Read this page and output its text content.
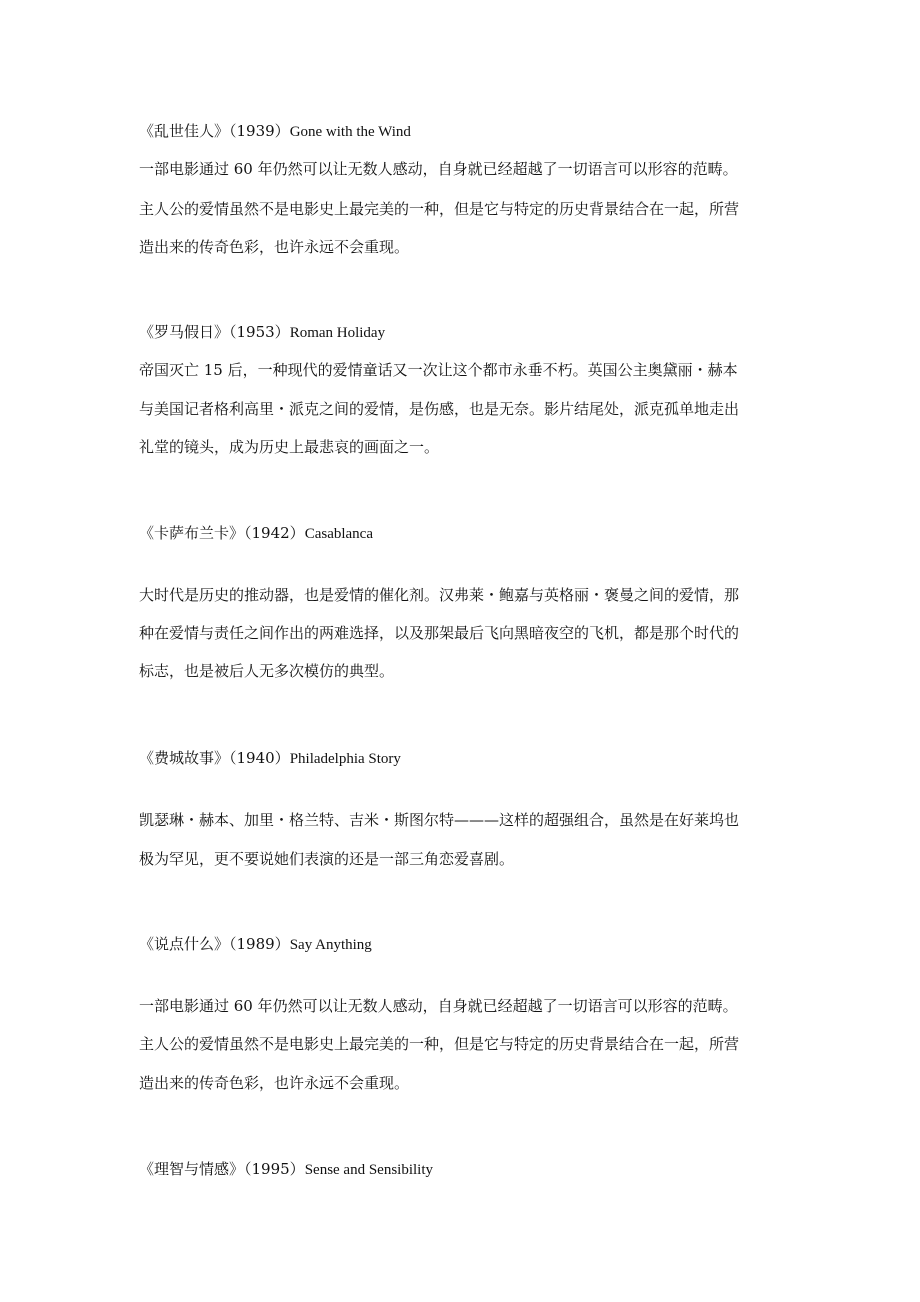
《乱世佳人》（1939）Gone with the Wind
一部电影通过 60 年仍然可以让无数人感动，自身就已经超越了一切语言可以形容的范畴。
主人公的爱情虽然不是电影史上最完美的一种，但是它与特定的历史背景结合在一起，所营
造出来的传奇色彩，也许永远不会重现。
《罗马假日》（1953）Roman Holiday
帝国灭亡 15 后，一种现代的爱情童话又一次让这个都市永垂不朽。英国公主奥黛丽・赫本
与美国记者格利高里・派克之间的爱情，是伤感，也是无奈。影片结尾处，派克孤单地走出
礼堂的镜头，成为历史上最悲哀的画面之一。
《卡萨布兰卡》（1942）Casablanca
大时代是历史的推动器，也是爱情的催化剂。汉弗莱・鲍嘉与英格丽・褒曼之间的爱情，那
种在爱情与责任之间作出的两难选择，以及那架最后飞向黑暗夜空的飞机，都是那个时代的
标志，也是被后人无多次模仿的典型。
《费城故事》（1940）Philadelphia Story
凯瑟琳・赫本、加里・格兰特、吉米・斯图尔特———这样的超强组合，虽然是在好莱坞也
极为罕见，更不要说她们表演的还是一部三角恋爱喜剧。
《说点什么》（1989）Say Anything
一部电影通过 60 年仍然可以让无数人感动，自身就已经超越了一切语言可以形容的范畴。
主人公的爱情虽然不是电影史上最完美的一种，但是它与特定的历史背景结合在一起，所营
造出来的传奇色彩，也许永远不会重现。
《理智与情感》（1995）Sense and Sensibility
